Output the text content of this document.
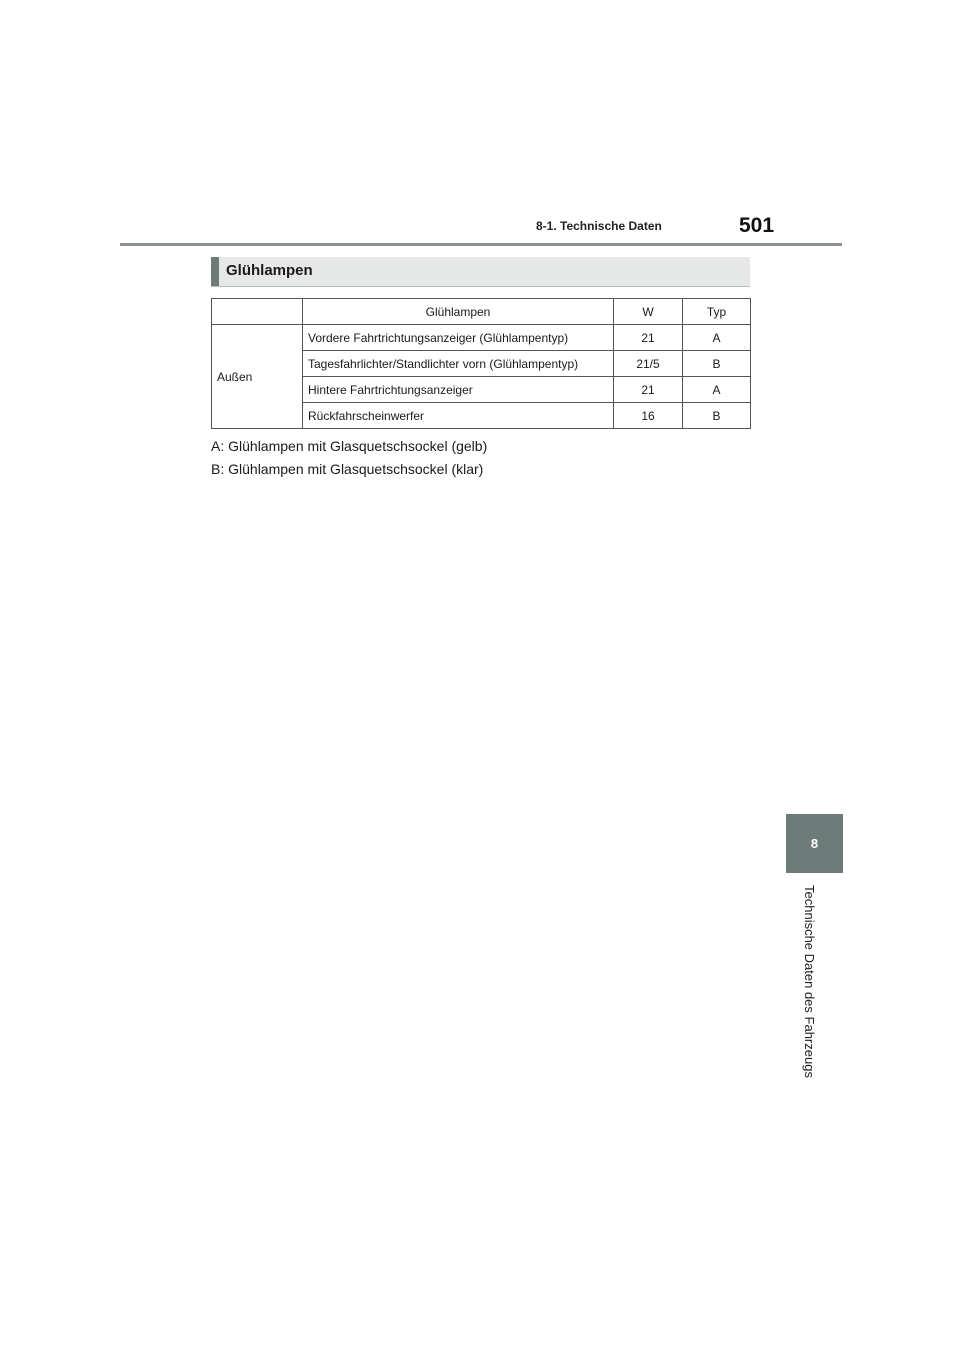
8-1. Technische Daten	501
Glühlampen
	Glühlampen	W	Typ
Außen	Vordere Fahrtrichtungsanzeiger (Glühlampentyp)	21	A
	Tagesfahrlichter/Standlichter vorn (Glühlampentyp)	21/5	B
	Hintere Fahrtrichtungsanzeiger	21	A
	Rückfahrscheinwerfer	16	B

A: Glühlampen mit Glasquetschsockel (gelb)

B: Glühlampen mit Glasquetschsockel (klar)

8
Technische Daten des Fahrzeugs
